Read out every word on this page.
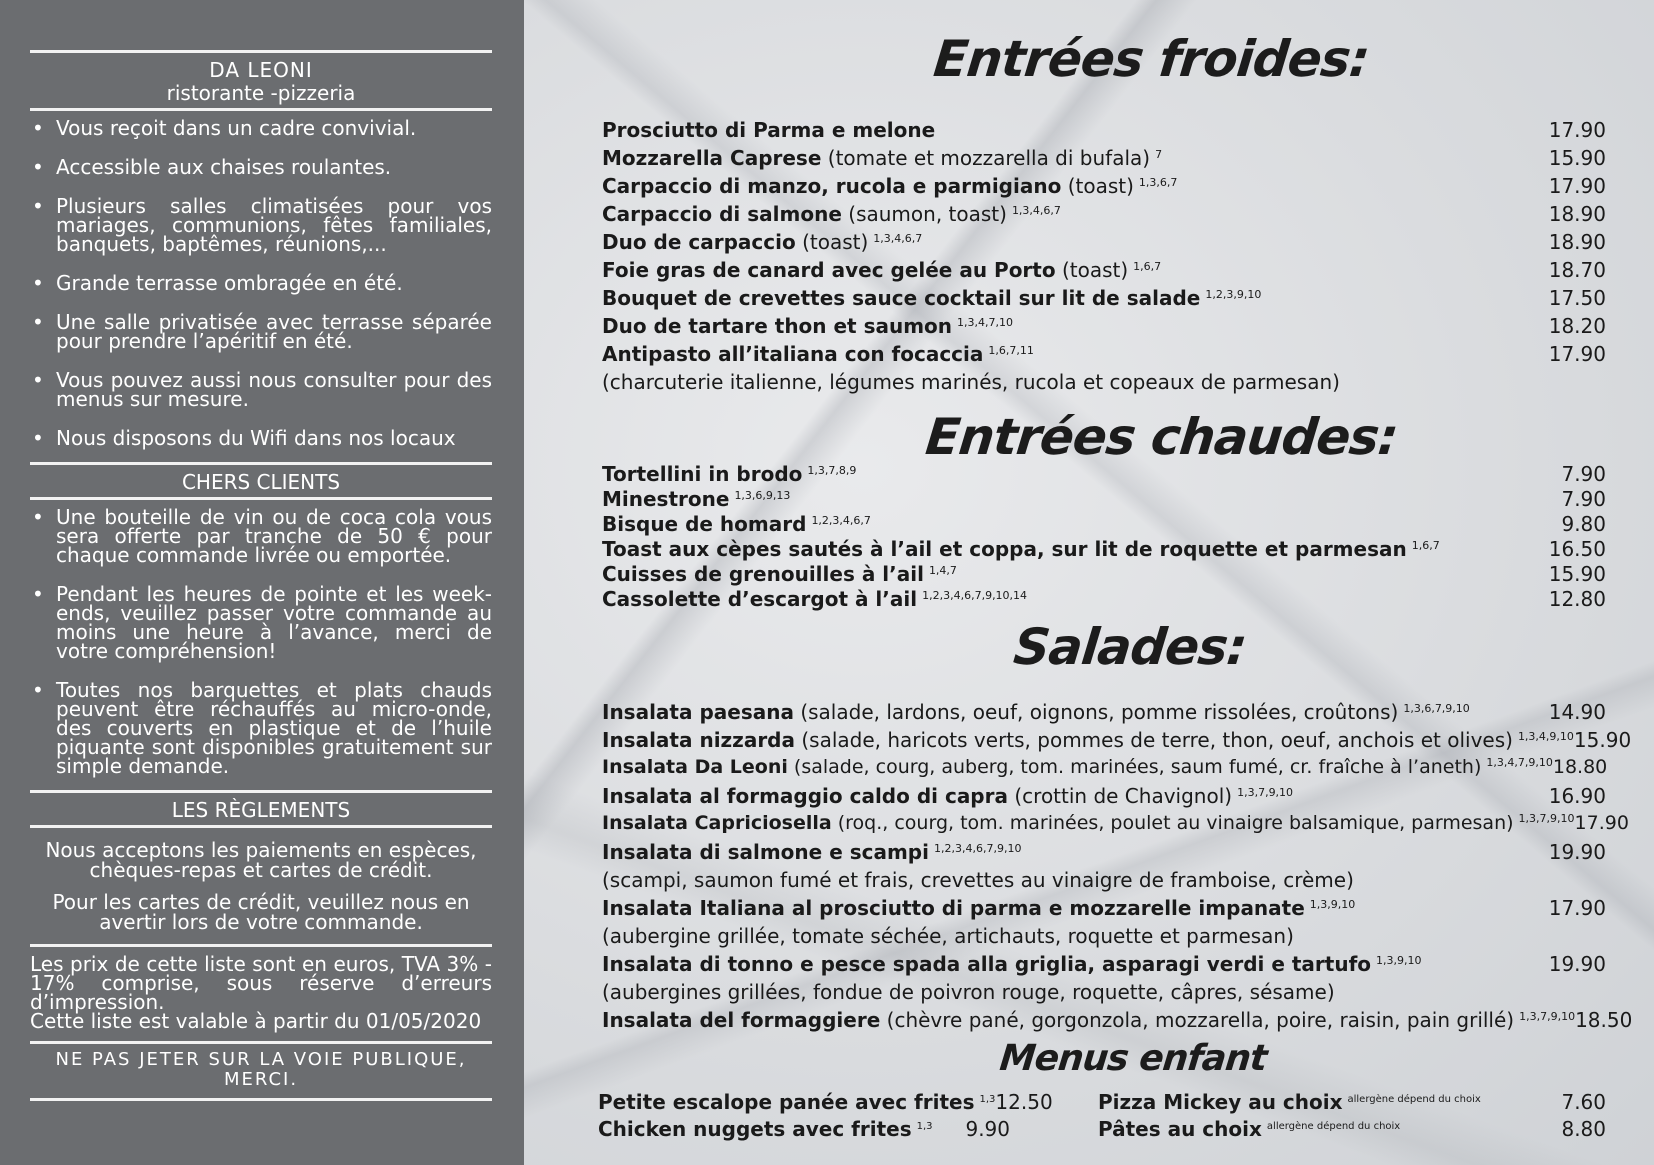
DA LEONI
ristorante -pizzeria
• Vous reçoit dans un cadre convivial.
• Accessible aux chaises roulantes.
• Plusieurs salles climatisées pour vos mariages, communions, fêtes familiales, banquets, baptêmes, réunions,...
• Grande terrasse ombragée en été.
• Une salle privatisée avec terrasse séparée pour prendre l’apéritif en été.
• Vous pouvez aussi nous consulter pour des menus sur mesure.
• Nous disposons du Wifi dans nos locaux
CHERS CLIENTS
• Une bouteille de vin ou de coca cola vous sera offerte par tranche de 50 € pour chaque commande livrée ou emportée.
• Pendant les heures de pointe et les week-ends, veuillez passer votre commande au moins une heure à l’avance, merci de votre compréhension!
• Toutes nos barquettes et plats chauds peuvent être réchauffés au micro-onde, des couverts en plastique et de l’huile piquante sont disponibles gratuitement sur simple demande.
LES RÈGLEMENTS
Nous acceptons les paiements en espèces, chèques-repas et cartes de crédit.
Pour les cartes de crédit, veuillez nous en avertir lors de votre commande.
Les prix de cette liste sont en euros, TVA 3% - 17% comprise, sous réserve d’erreurs d’impression.
Cette liste est valable à partir du 01/05/2020
NE PAS JETER SUR LA VOIE PUBLIQUE, MERCI.
Entrées froides:
Prosciutto di Parma e melone	17.90
Mozzarella Caprese
(tomate et mozzarella di bufala) $^7$	15.90
Carpaccio di manzo, rucola e parmigiano
(toast) $^{1,3,6,7}$	17.90
Carpaccio di salmone
(saumon, toast) $^{1,3,4,6,7}$	18.90
Duo de carpaccio
(toast) $^{1,3,4,6,7}$	18.90
Foie gras de canard avec gelée au Porto
(toast) $^{1,6,7}$	18.70
Bouquet de crevettes sauce cocktail sur lit de salade $^{1,2,3,9,10}$	17.50
Duo de tartare thon et saumon $^{1,3,4,7,10}$	18.20
Antipasto all’italiana con focaccia $^{1,6,7,11}$	17.90
(charcuterie italienne, légumes marinés, rucola et copeaux de parmesan)
Entrées chaudes:
Tortellini in brodo $^{1,3,7,8,9}$	7.90
Minestrone $^{1,3,6,9,13}$	7.90
Bisque de homard $^{1,2,3,4,6,7}$	9.80
Toast aux cèpes sautés à l’ail et coppa, sur lit de roquette et parmesan $^{1,6,7}$	16.50
Cuisses de grenouilles à l’ail $^{1,4,7}$	15.90
Cassolette d’escargot à l’ail $^{1,2,3,4,6,7,9,10,14}$	12.80
Salades:
Insalata paesana
(salade, lardons, oeuf, oignons, pomme rissolées, croûtons) $^{1,3,6,7,9,10}$	14.90
Insalata nizzarda
(salade, haricots verts, pommes de terre, thon, oeuf, anchois et olives) $^{1,3,4,9,10}$ 15.90
Insalata Da Leoni
(salade, courg, auberg, tom. marinées, saum fumé, cr. fraîche à l’aneth) $^{1,3,4,7,9,10}$ 18.80
Insalata al formaggio caldo di capra
(crottin de Chavignol) $^{1,3,7,9,10}$	16.90
Insalata Capriciosella
(roq., courg, tom. marinées, poulet au vinaigre balsamique, parmesan) $^{1,3,7,9,10}$ 17.90
Insalata di salmone e scampi $^{1,2,3,4,6,7,9,10}$	19.90
(scampi, saumon fumé et frais, crevettes au vinaigre de framboise, crème)
Insalata Italiana al prosciutto di parma e mozzarelle impanate $^{1,3,9,10}$	17.90
(aubergine grillée, tomate séchée, artichauts, roquette et parmesan)
Insalata di tonno e pesce spada alla griglia, asparagi verdi e tartufo $^{1,3,9,10}$	19.90
(aubergines grillées, fondue de poivron rouge, roquette, câpres, sésame)
Insalata del formaggiere
(chèvre pané, gorgonzola, mozzarella, poire, raisin, pain grillé) $^{1,3,7,9,10}$ 18.50
Menus enfant
Petite escalope panée avec frites $^{1,3}$ 12.50
Chicken nuggets avec frites $^{1,3}$ 9.90
Pizza Mickey au choix $^{allergène dépend du choix}$	7.60
Pâtes au choix $^{allergène dépend du choix}$	8.80
